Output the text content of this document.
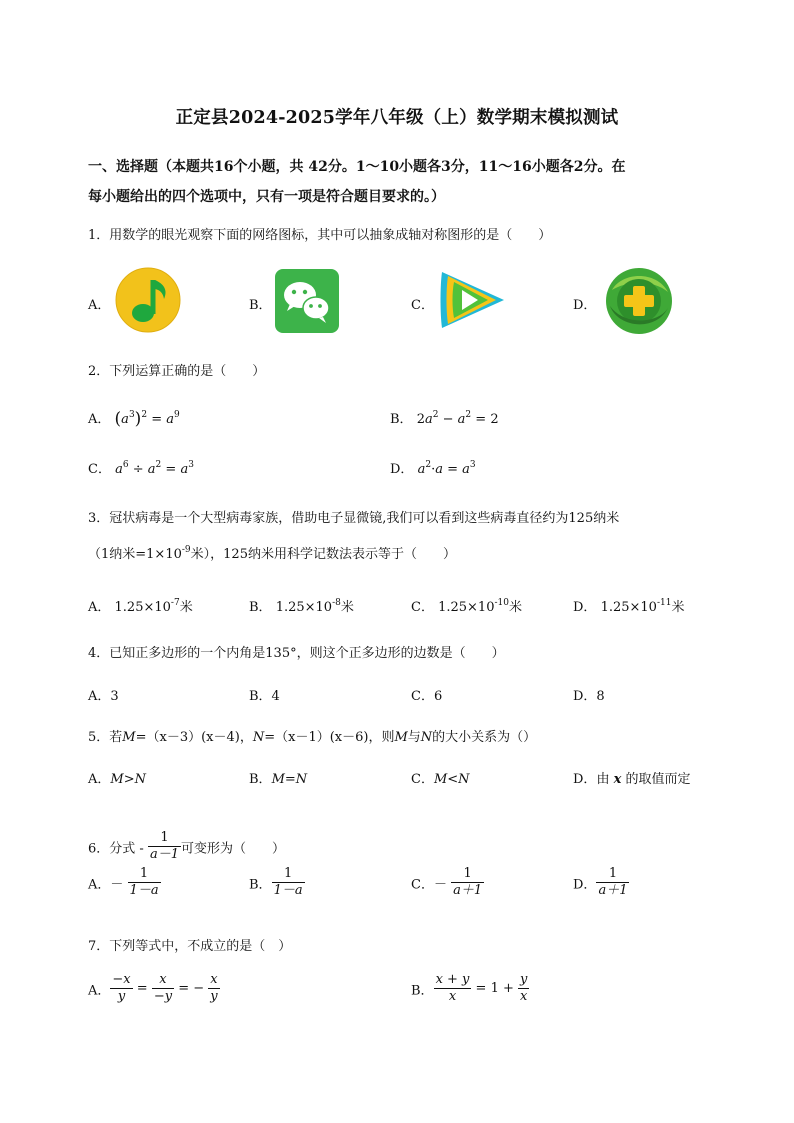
正定县2024-2025学年八年级（上）数学期末模拟测试
一、选择题（本题共16个小题，共 42分。1～10小题各3分，11～16小题各2分。在
每小题给出的四个选项中，只有一项是符合题目要求的。）
1．用数学的眼光观察下面的网络图标，其中可以抽象成轴对称图形的是（　　）
A．	B．	C．	D．
2．下列运算正确的是（　　）
A． $(a^3)^2 = a^9$	B． $2a^2 - a^2 = 2$
C． $a^6 \div a^2 = a^3$	D． $a^2\cdot a = a^3$
3．冠状病毒是一个大型病毒家族，借助电子显微镜,我们可以看到这些病毒直径约为125纳米
（1纳米$=1\times 10^{-9}$米），125纳米用科学记数法表示等于（　　）
A． $1.25\times 10^{-7}$米	B． $1.25\times 10^{-8}$米	C． $1.25\times 10^{-10}$米	D． $1.25\times 10^{-11}$米
4．已知正多边形的一个内角是135°，则这个正多边形的边数是（　　）
A．3	B．4	C．6	D．8
5．若M=（x－3）(x－4)，N=（x－1）(x－6)，则M与N的大小关系为（）
A．M>N	B．M=N	C．M<N	D．由 x 的取值而定
6．分式 - $\frac{1}{a-1}$ 可变形为（　　）
A．－ $\frac{1}{1-a}$	B． $\frac{1}{1-a}$	C．－ $\frac{1}{a+1}$	D． $\frac{1}{a+1}$
7．下列等式中，不成立的是（　）
A． $\frac{-x}{y} = \frac{x}{-y}$ = − $\frac{x}{y}$	B． $\frac{x + y}{x} = 1 + \frac{y}{x}$
